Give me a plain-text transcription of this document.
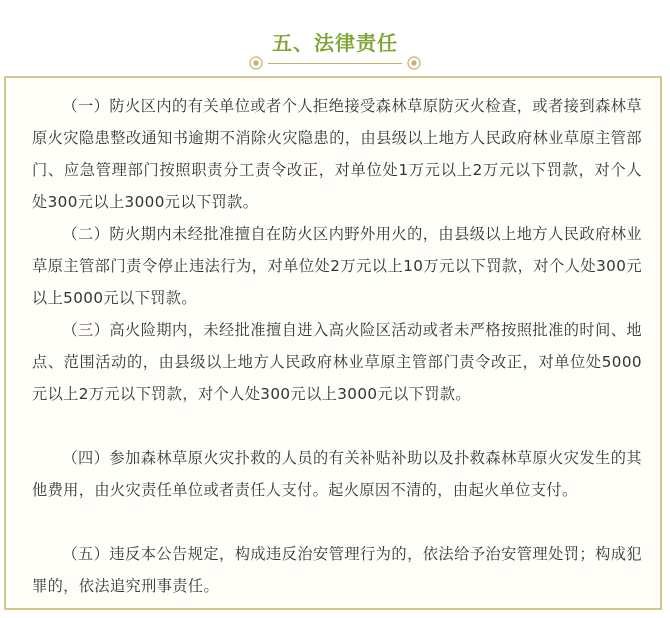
五、法律责任

（一）防火区内的有关单位或者个人拒绝接受森林草原防灭火检查，或者接到森林草原火灾隐患整改通知书逾期不消除火灾隐患的，由县级以上地方人民政府林业草原主管部门、应急管理部门按照职责分工责令改正，对单位处1万元以上2万元以下罚款，对个人处300元以上3000元以下罚款。

（二）防火期内未经批准擅自在防火区内野外用火的，由县级以上地方人民政府林业草原主管部门责令停止违法行为，对单位处2万元以上10万元以下罚款，对个人处300元以上5000元以下罚款。

（三）高火险期内，未经批准擅自进入高火险区活动或者未严格按照批准的时间、地点、范围活动的，由县级以上地方人民政府林业草原主管部门责令改正，对单位处5000元以上2万元以下罚款，对个人处300元以上3000元以下罚款。

（四）参加森林草原火灾扑救的人员的有关补贴补助以及扑救森林草原火灾发生的其他费用，由火灾责任单位或者责任人支付。起火原因不清的，由起火单位支付。

（五）违反本公告规定，构成违反治安管理行为的，依法给予治安管理处罚；构成犯罪的，依法追究刑事责任。
